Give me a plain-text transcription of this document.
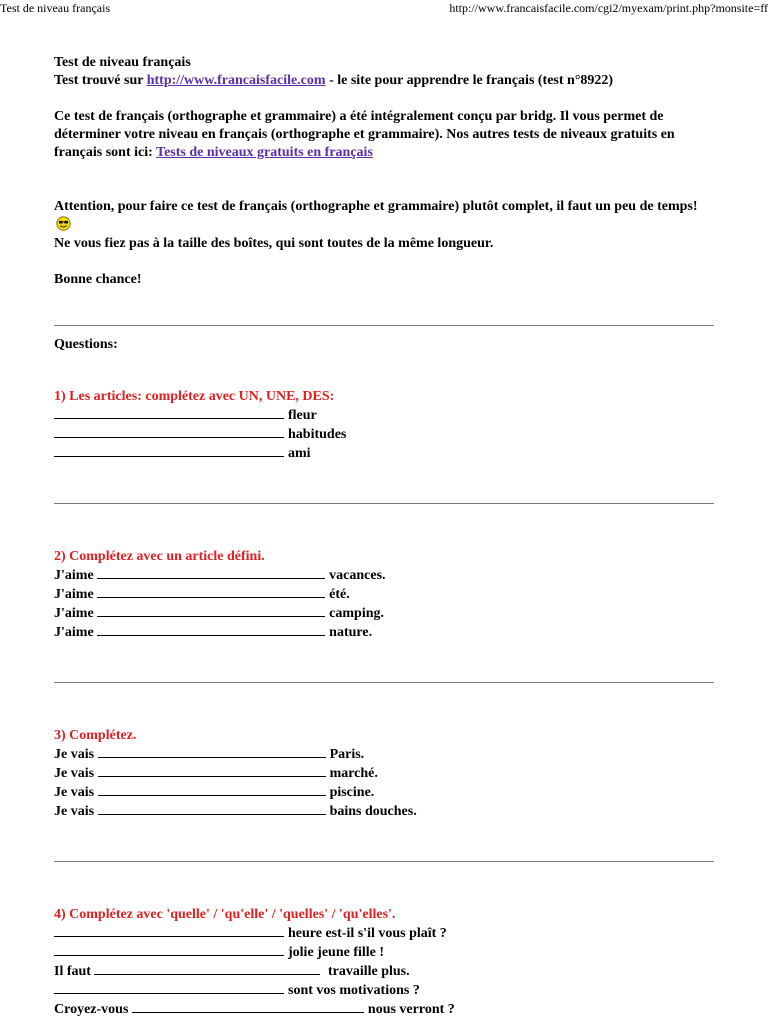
Test de niveau français	http://www.francaisfacile.com/cgi2/myexam/print.php?monsite=ff

Test de niveau français

Test trouvé sur http://www.francaisfacile.com - le site pour apprendre le français (test n°8922)

Ce test de français (orthographe et grammaire) a été intégralement conçu par bridg. Il vous permet de déterminer votre niveau en français (orthographe et grammaire). Nos autres tests de niveaux gratuits en français sont ici: Tests de niveaux gratuits en français

Attention, pour faire ce test de français (orthographe et grammaire) plutôt complet, il faut un peu de temps!

Ne vous fiez pas à la taille des boîtes, qui sont toutes de la même longueur.

Bonne chance!

Questions:

1) Les articles: complétez avec UN, UNE, DES:

fleur
habitudes
ami

2) Complétez avec un article défini.

J'aime	vacances.
J'aime	été.
J'aime	camping.
J'aime	nature.

3) Complétez.

Je vais	Paris.
Je vais	marché.
Je vais	piscine.
Je vais	bains douches.

4) Complétez avec 'quelle' / 'qu'elle' / 'quelles' / 'qu'elles'.

heure est-il s'il vous plaît ?
jolie jeune fille !
Il faut	travaille plus.
sont vos motivations ?
Croyez-vous	nous verront ?
